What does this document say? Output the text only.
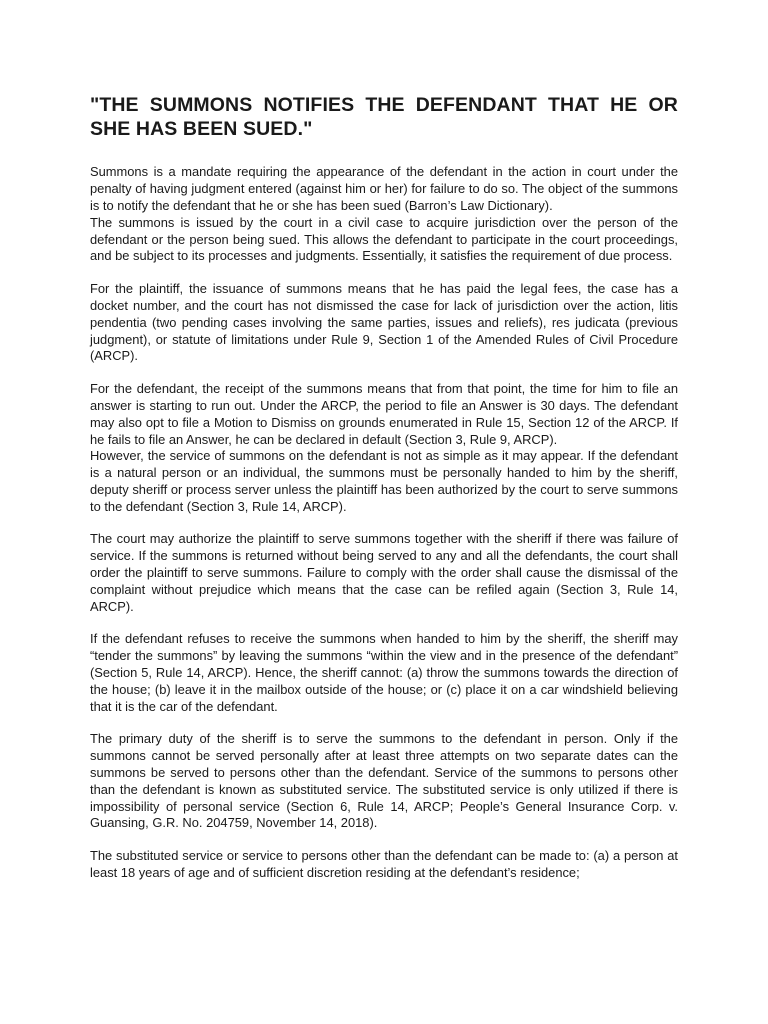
"THE SUMMONS NOTIFIES THE DEFENDANT THAT HE OR SHE HAS BEEN SUED."

Summons is a mandate requiring the appearance of the defendant in the action in court under the penalty of having judgment entered (against him or her) for failure to do so. The object of the summons is to notify the defendant that he or she has been sued (Barron’s Law Dictionary).

The summons is issued by the court in a civil case to acquire jurisdiction over the person of the defendant or the person being sued. This allows the defendant to participate in the court proceedings, and be subject to its processes and judgments. Essentially, it satisfies the requirement of due process.

For the plaintiff, the issuance of summons means that he has paid the legal fees, the case has a docket number, and the court has not dismissed the case for lack of jurisdiction over the action, litis pendentia (two pending cases involving the same parties, issues and reliefs), res judicata (previous judgment), or statute of limitations under Rule 9, Section 1 of the Amended Rules of Civil Procedure (ARCP).

For the defendant, the receipt of the summons means that from that point, the time for him to file an answer is starting to run out. Under the ARCP, the period to file an Answer is 30 days. The defendant may also opt to file a Motion to Dismiss on grounds enumerated in Rule 15, Section 12 of the ARCP. If he fails to file an Answer, he can be declared in default (Section 3, Rule 9, ARCP).

However, the service of summons on the defendant is not as simple as it may appear. If the defendant is a natural person or an individual, the summons must be personally handed to him by the sheriff, deputy sheriff or process server unless the plaintiff has been authorized by the court to serve summons to the defendant (Section 3, Rule 14, ARCP).

The court may authorize the plaintiff to serve summons together with the sheriff if there was failure of service. If the summons is returned without being served to any and all the defendants, the court shall order the plaintiff to serve summons. Failure to comply with the order shall cause the dismissal of the complaint without prejudice which means that the case can be refiled again (Section 3, Rule 14, ARCP).

If the defendant refuses to receive the summons when handed to him by the sheriff, the sheriff may “tender the summons” by leaving the summons “within the view and in the presence of the defendant” (Section 5, Rule 14, ARCP). Hence, the sheriff cannot: (a) throw the summons towards the direction of the house; (b) leave it in the mailbox outside of the house; or (c) place it on a car windshield believing that it is the car of the defendant.

The primary duty of the sheriff is to serve the summons to the defendant in person. Only if the summons cannot be served personally after at least three attempts on two separate dates can the summons be served to persons other than the defendant. Service of the summons to persons other than the defendant is known as substituted service. The substituted service is only utilized if there is impossibility of personal service (Section 6, Rule 14, ARCP; People’s General Insurance Corp. v. Guansing, G.R. No. 204759, November 14, 2018).

The substituted service or service to persons other than the defendant can be made to: (a) a person at least 18 years of age and of sufficient discretion residing at the defendant’s residence;
